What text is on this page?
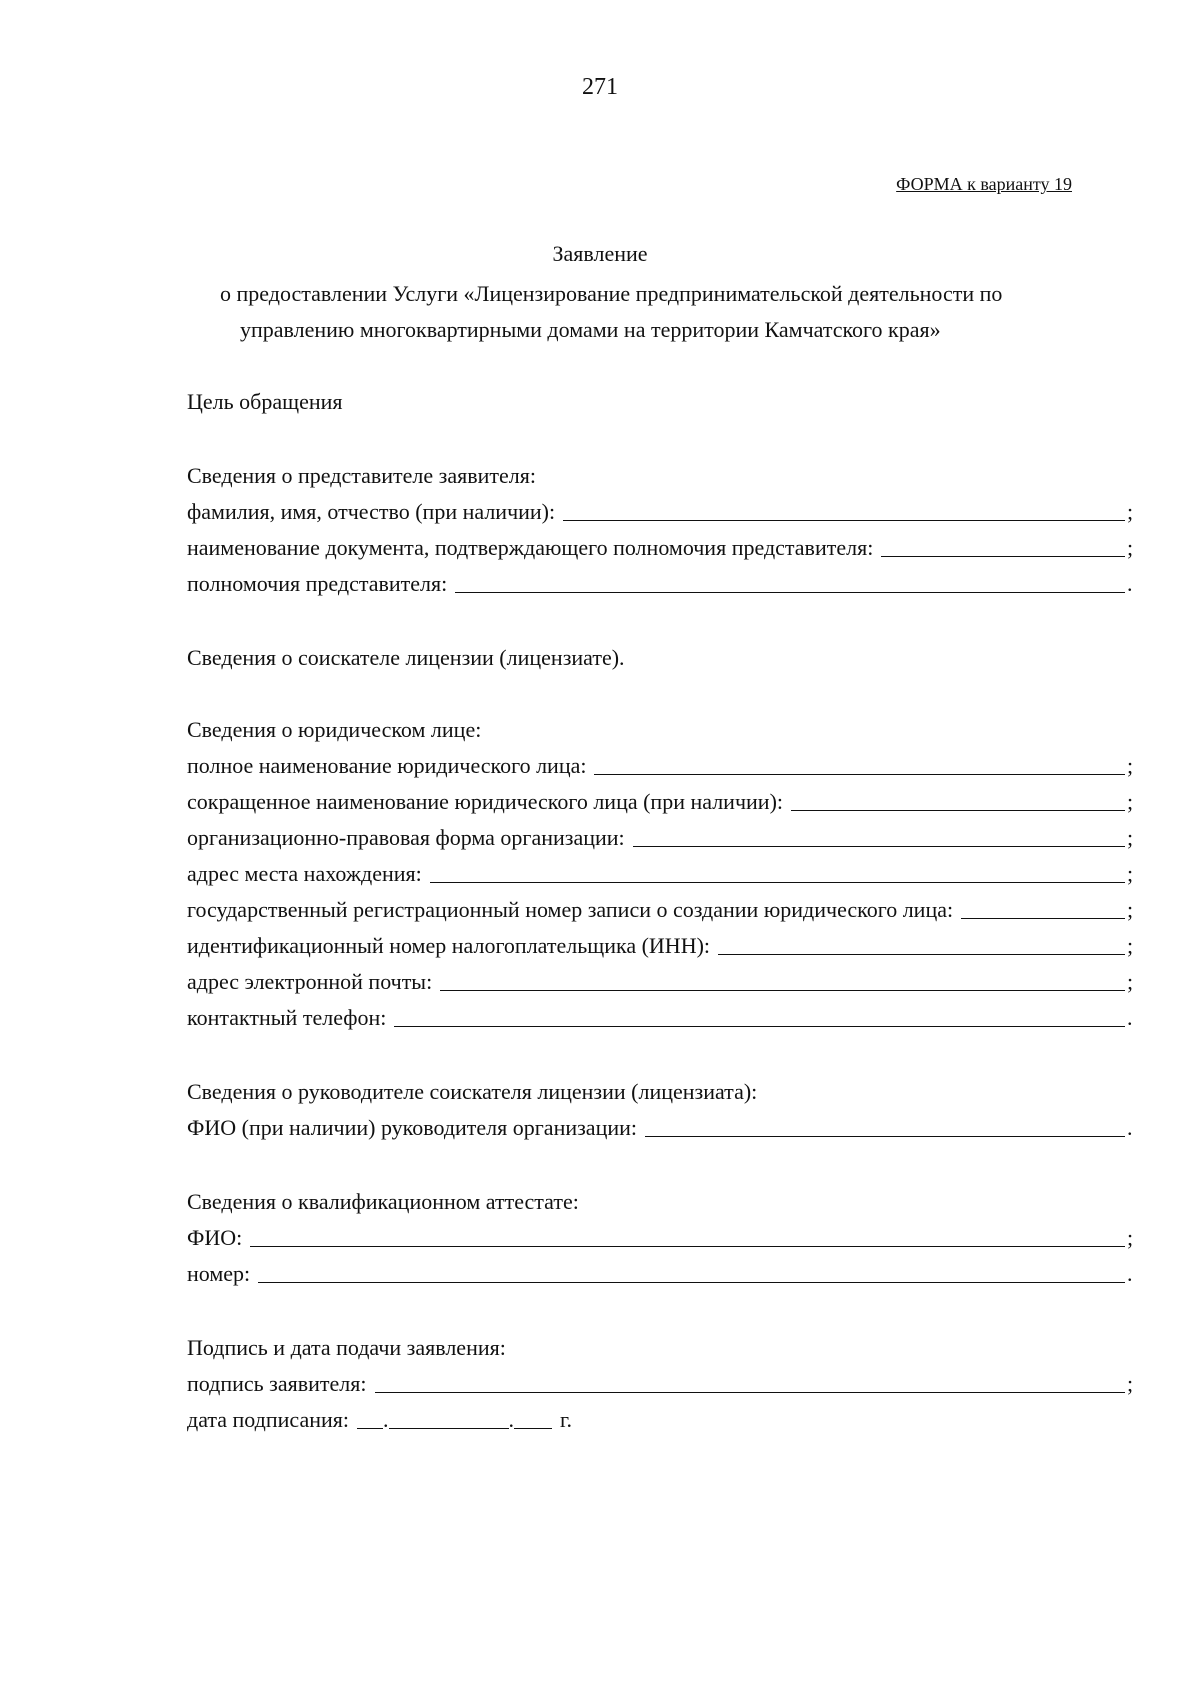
271
ФОРМА к варианту 19
Заявление
о предоставлении Услуги «Лицензирование предпринимательской деятельности по
управлению многоквартирными домами на территории Камчатского края»
Цель обращения
Сведения о представителе заявителя:
фамилия, имя, отчество (при наличии):	;
наименование документа, подтверждающего полномочия представителя:	;
полномочия представителя:	.
Сведения о соискателе лицензии (лицензиате).
Сведения о юридическом лице:
полное наименование юридического лица:	;
сокращенное наименование юридического лица (при наличии):	;
организационно-правовая форма организации:	;
адрес места нахождения:	;
государственный регистрационный номер записи о создании юридического лица:	;
идентификационный номер налогоплательщика (ИНН):	;
адрес электронной почты:	;
контактный телефон:	.
Сведения о руководителе соискателя лицензии (лицензиата):
ФИО (при наличии) руководителя организации:	.
Сведения о квалификационном аттестате:
ФИО:	;
номер:	.
Подпись и дата подачи заявления:
подпись заявителя:	;
дата подписания: .	. г.
